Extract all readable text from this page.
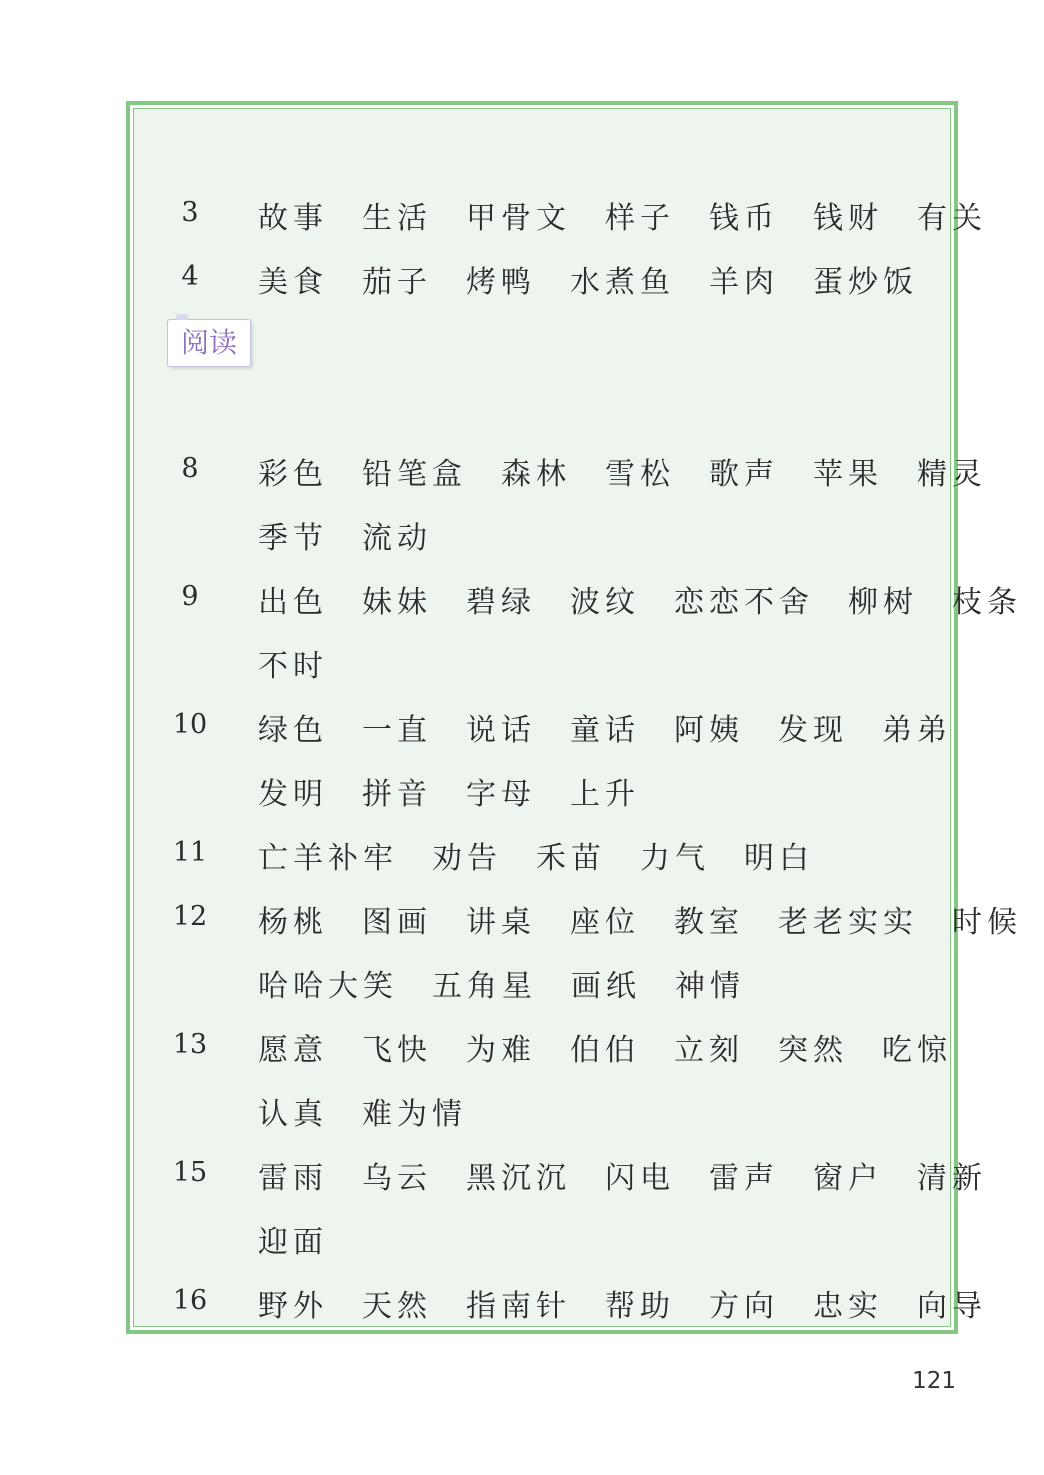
阅读
3	故事 生活 甲骨文 样子 钱币 钱财 有关
4	美食 茄子 烤鸭 水煮鱼 羊肉 蛋炒饭
8	彩色 铅笔盒 森林 雪松 歌声 苹果 精灵
季节 流动
9	出色 妹妹 碧绿 波纹 恋恋不舍 柳树 枝条
不时
10 绿色 一直 说话 童话 阿姨 发现 弟弟
发明 拼音 字母 上升
11 亡羊补牢 劝告 禾苗 力气 明白
12 杨桃 图画 讲桌 座位 教室 老老实实 时候
哈哈大笑 五角星 画纸 神情
13 愿意 飞快 为难 伯伯 立刻 突然 吃惊
认真 难为情
15 雷雨 乌云 黑沉沉 闪电 雷声 窗户 清新
迎面
16 野外 天然 指南针 帮助 方向 忠实 向导
121
